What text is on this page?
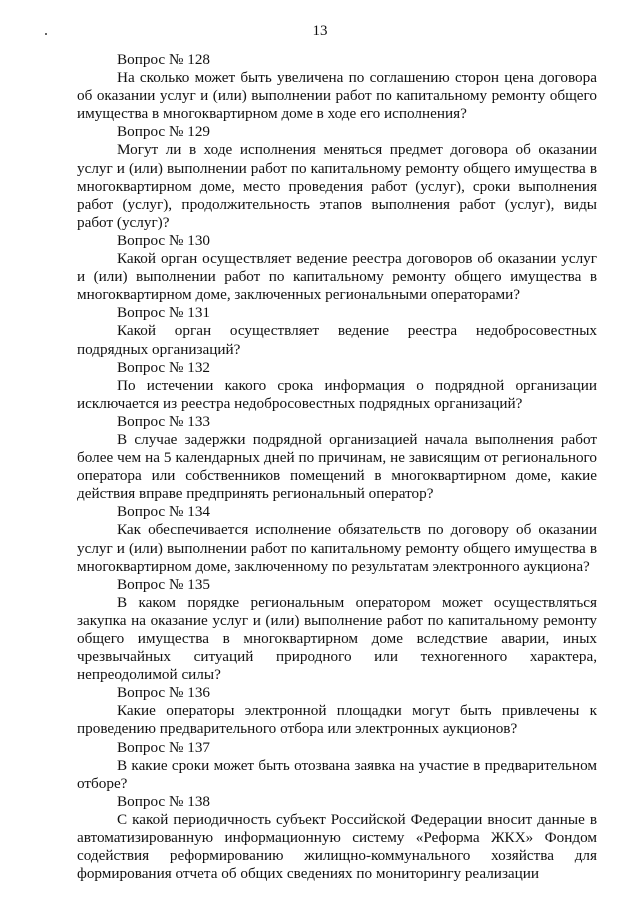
13

Вопрос № 128

На сколько может быть увеличена по соглашению сторон цена договора об оказании услуг и (или) выполнении работ по капитальному ремонту общего имущества в многоквартирном доме в ходе его исполнения?

Вопрос № 129

Могут ли в ходе исполнения меняться предмет договора об оказании услуг и (или) выполнении работ по капитальному ремонту общего имущества в многоквартирном доме, место проведения работ (услуг), сроки выполнения работ (услуг), продолжительность этапов выполнения работ (услуг), виды работ (услуг)?

Вопрос № 130

Какой орган осуществляет ведение реестра договоров об оказании услуг и (или) выполнении работ по капитальному ремонту общего имущества в многоквартирном доме, заключенных региональными операторами?

Вопрос № 131

Какой орган осуществляет ведение реестра недобросовестных подрядных организаций?

Вопрос № 132

По истечении какого срока информация о подрядной организации исключается из реестра недобросовестных подрядных организаций?

Вопрос № 133

В случае задержки подрядной организацией начала выполнения работ более чем на 5 календарных дней по причинам, не зависящим от регионального оператора или собственников помещений в многоквартирном доме, какие действия вправе предпринять региональный оператор?

Вопрос № 134

Как обеспечивается исполнение обязательств по договору об оказании услуг и (или) выполнении работ по капитальному ремонту общего имущества в многоквартирном доме, заключенному по результатам электронного аукциона?

Вопрос № 135

В каком порядке региональным оператором может осуществляться закупка на оказание услуг и (или) выполнение работ по капитальному ремонту общего имущества в многоквартирном доме вследствие аварии, иных чрезвычайных ситуаций природного или техногенного характера, непреодолимой силы?

Вопрос № 136

Какие операторы электронной площадки могут быть привлечены к проведению предварительного отбора или электронных аукционов?

Вопрос № 137

В какие сроки может быть отозвана заявка на участие в предварительном отборе?

Вопрос № 138

С какой периодичность субъект Российской Федерации вносит данные в автоматизированную информационную систему «Реформа ЖКХ» Фондом содействия реформированию жилищно-коммунального хозяйства для формирования отчета об общих сведениях по мониторингу реализации
